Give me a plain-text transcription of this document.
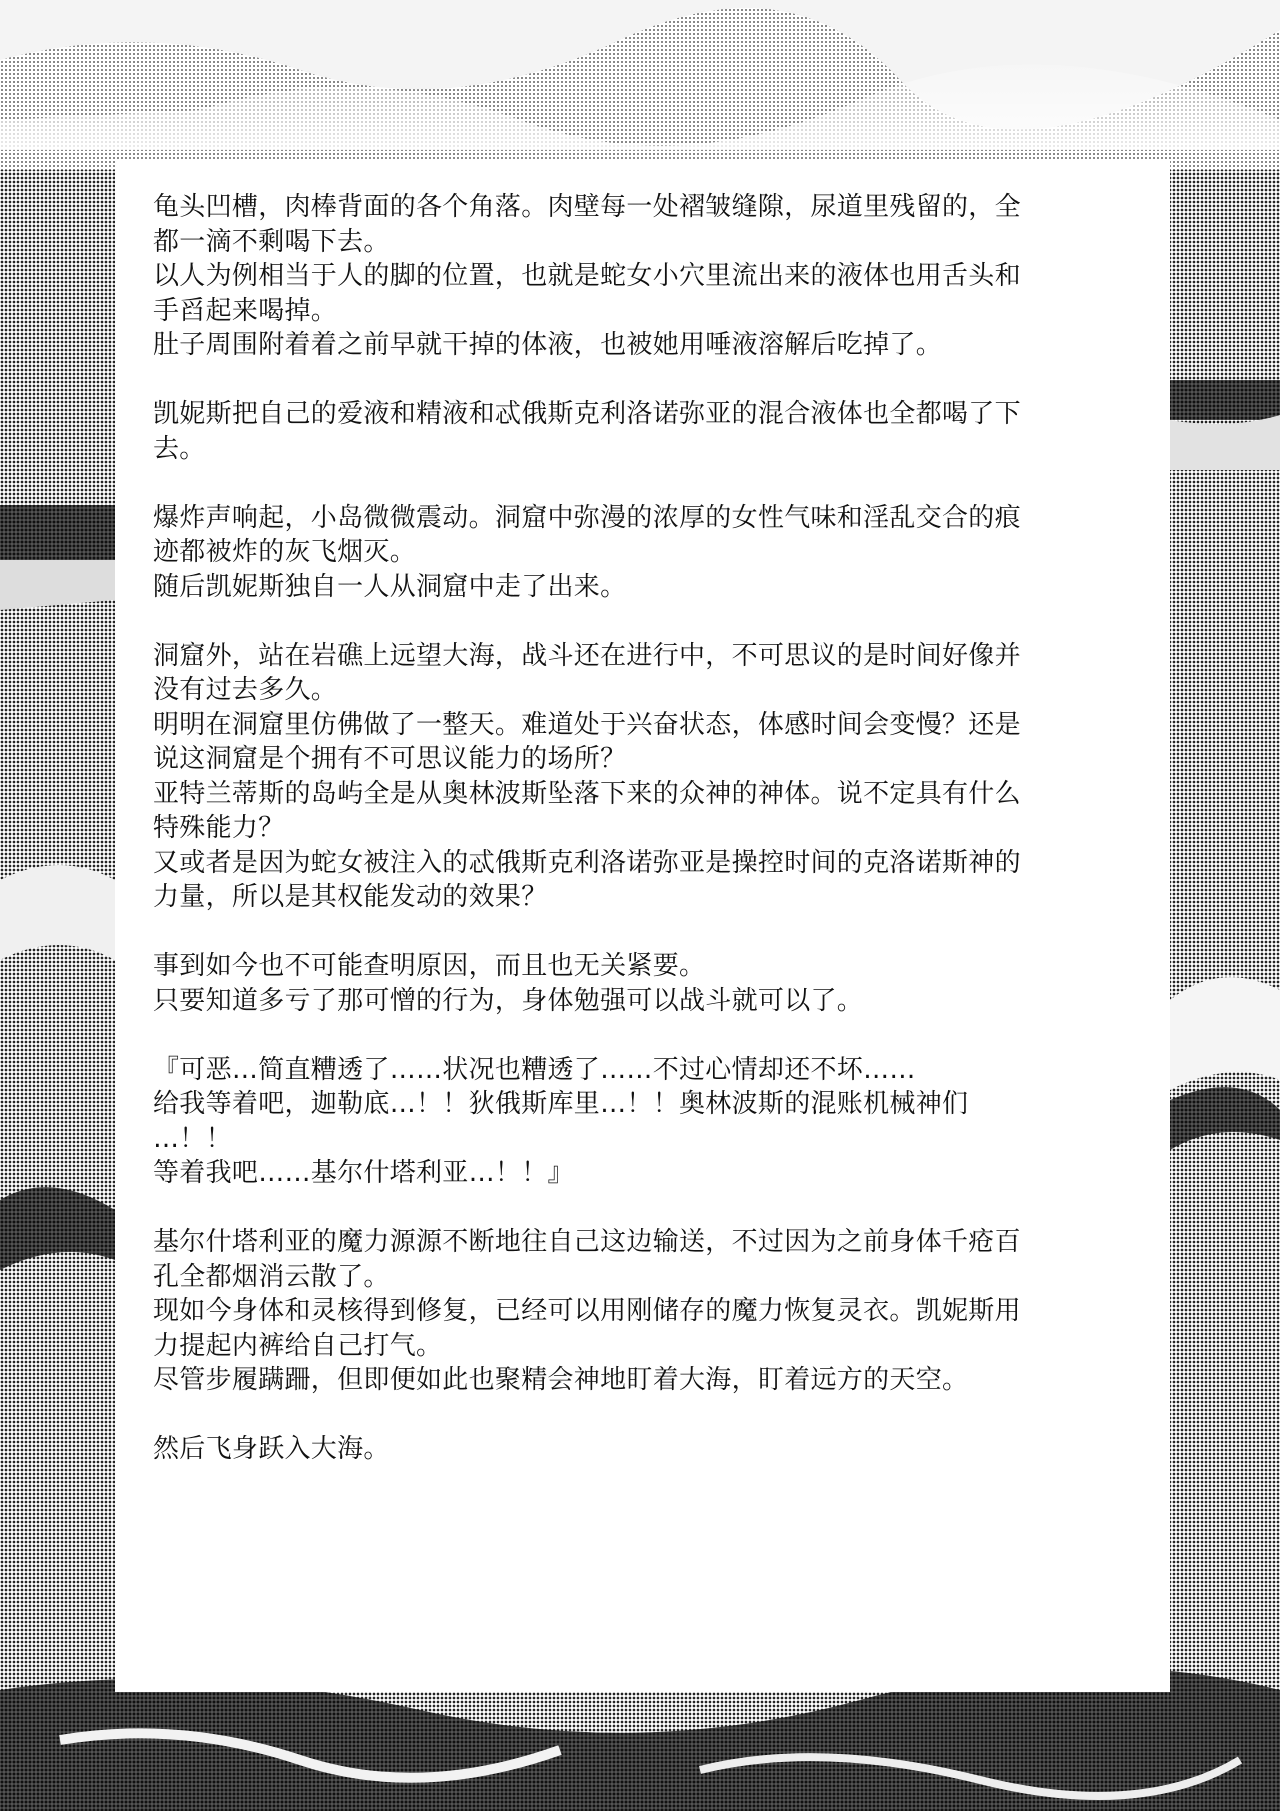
龟头凹槽，肉棒背面的各个角落。肉壁每一处褶皱缝隙，尿道里残留的，全
都一滴不剩喝下去。
以人为例相当于人的脚的位置，也就是蛇女小穴里流出来的液体也用舌头和
手舀起来喝掉。
肚子周围附着着之前早就干掉的体液，也被她用唾液溶解后吃掉了。

凯妮斯把自己的爱液和精液和忒俄斯克利洛诺弥亚的混合液体也全都喝了下
去。

爆炸声响起，小岛微微震动。洞窟中弥漫的浓厚的女性气味和淫乱交合的痕
迹都被炸的灰飞烟灭。
随后凯妮斯独自一人从洞窟中走了出来。

洞窟外，站在岩礁上远望大海，战斗还在进行中，不可思议的是时间好像并
没有过去多久。
明明在洞窟里仿佛做了一整天。难道处于兴奋状态，体感时间会变慢？还是
说这洞窟是个拥有不可思议能力的场所？
亚特兰蒂斯的岛屿全是从奥林波斯坠落下来的众神的神体。说不定具有什么
特殊能力？
又或者是因为蛇女被注入的忒俄斯克利洛诺弥亚是操控时间的克洛诺斯神的
力量，所以是其权能发动的效果？

事到如今也不可能查明原因，而且也无关紧要。
只要知道多亏了那可憎的行为，身体勉强可以战斗就可以了。

『可恶…简直糟透了……状况也糟透了……不过心情却还不坏……
给我等着吧，迦勒底…！！狄俄斯库里…！！奥林波斯的混账机械神们
…！！
等着我吧……基尔什塔利亚…！！』

基尔什塔利亚的魔力源源不断地往自己这边输送，不过因为之前身体千疮百
孔全都烟消云散了。
现如今身体和灵核得到修复，已经可以用刚储存的魔力恢复灵衣。凯妮斯用
力提起内裤给自己打气。
尽管步履蹒跚，但即便如此也聚精会神地盯着大海，盯着远方的天空。

然后飞身跃入大海。
